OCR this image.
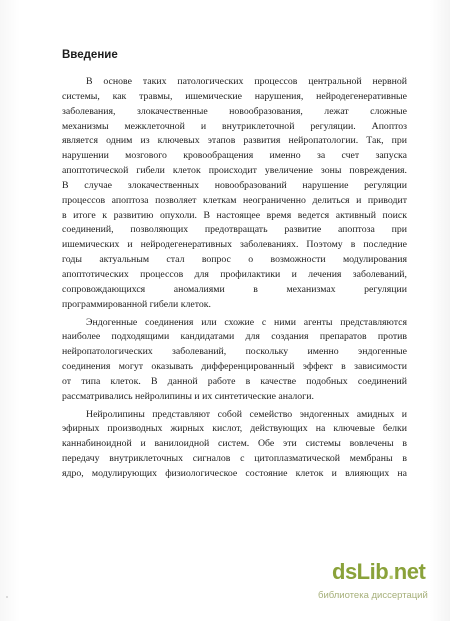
Введение
В основе таких патологических процессов центральной нервной
системы, как травмы, ишемические нарушения, нейродегенеративные
заболевания, злокачественные новообразования, лежат сложные
механизмы межклеточной и внутриклеточной регуляции. Апоптоз
является одним из ключевых этапов развития нейропатологии. Так, при
нарушении мозгового кровообращения именно за счет запуска
апоптотической гибели клеток происходит увеличение зоны повреждения.
В случае злокачественных новообразований нарушение регуляции
процессов апоптоза позволяет клеткам неограниченно делиться и приводит
в итоге к развитию опухоли. В настоящее время ведется активный поиск
соединений, позволяющих предотвращать развитие апоптоза при
ишемических и нейродегенеративных заболеваниях. Поэтому в последние
годы актуальным стал вопрос о возможности модулирования
апоптотических процессов для профилактики и лечения заболеваний,
сопровождающихся аномалиями в механизмах регуляции
программированной гибели клеток.
Эндогенные соединения или схожие с ними агенты представляются
наиболее подходящими кандидатами для создания препаратов против
нейропатологических заболеваний, поскольку именно эндогенные
соединения могут оказывать дифференцированный эффект в зависимости
от типа клеток. В данной работе в качестве подобных соединений
рассматривались нейролипины и их синтетические аналоги.
Нейролипины представляют собой семейство эндогенных амидных и
эфирных производных жирных кислот, действующих на ключевые белки
каннабиноидной и ванилоидной систем. Обе эти системы вовлечены в
передачу внутриклеточных сигналов с цитоплазматической мембраны в
ядро, модулирующих физиологическое состояние клеток и влияющих на
dsLib . net
библиотека диссертаций
